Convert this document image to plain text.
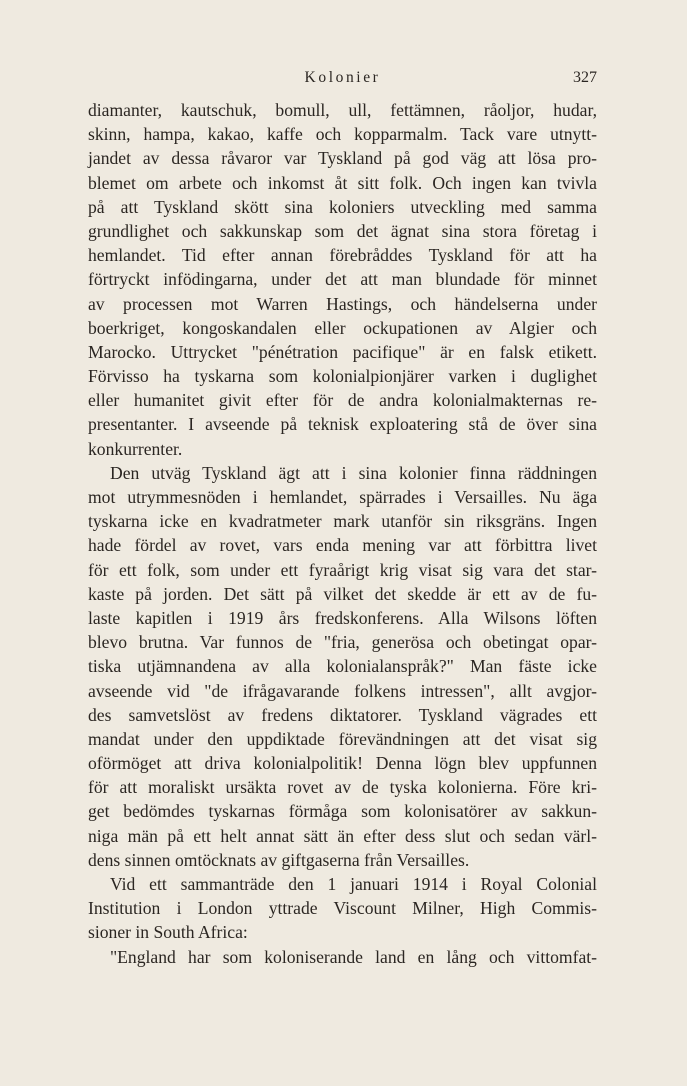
Kolonier	327
diamanter, kautschuk, bomull, ull, fettämnen, råoljor, hudar,
skinn, hampa, kakao, kaffe och kopparmalm. Tack vare utnytt-
jandet av dessa råvaror var Tyskland på god väg att lösa pro-
blemet om arbete och inkomst åt sitt folk. Och ingen kan tvivla
på att Tyskland skött sina koloniers utveckling med samma
grundlighet och sakkunskap som det ägnat sina stora företag i
hemlandet. Tid efter annan förebråddes Tyskland för att ha
förtryckt infödingarna, under det att man blundade för minnet
av processen mot Warren Hastings, och händelserna under
boerkriget, kongoskandalen eller ockupationen av Algier och
Marocko. Uttrycket "pénétration pacifique" är en falsk etikett.
Förvisso ha tyskarna som kolonialpionjärer varken i duglighet
eller humanitet givit efter för de andra kolonialmakternas re-
presentanter. I avseende på teknisk exploatering stå de över sina
konkurrenter.
Den utväg Tyskland ägt att i sina kolonier finna räddningen
mot utrymmesnöden i hemlandet, spärrades i Versailles. Nu äga
tyskarna icke en kvadratmeter mark utanför sin riksgräns. Ingen
hade fördel av rovet, vars enda mening var att förbittra livet
för ett folk, som under ett fyraårigt krig visat sig vara det star-
kaste på jorden. Det sätt på vilket det skedde är ett av de fu-
laste kapitlen i 1919 års fredskonferens. Alla Wilsons löften
blevo brutna. Var funnos de "fria, generösa och obetingat opar-
tiska utjämnandena av alla kolonialanspråk?" Man fäste icke
avseende vid "de ifrågavarande folkens intressen", allt avgjor-
des samvetslöst av fredens diktatorer. Tyskland vägrades ett
mandat under den uppdiktade förevändningen att det visat sig
oförmöget att driva kolonialpolitik! Denna lögn blev uppfunnen
för att moraliskt ursäkta rovet av de tyska kolonierna. Före kri-
get bedömdes tyskarnas förmåga som kolonisatörer av sakkun-
niga män på ett helt annat sätt än efter dess slut och sedan värl-
dens sinnen omtöcknats av giftgaserna från Versailles.
Vid ett sammanträde den 1 januari 1914 i Royal Colonial
Institution i London yttrade Viscount Milner, High Commis-
sioner in South Africa:
"England har som koloniserande land en lång och vittomfat-
